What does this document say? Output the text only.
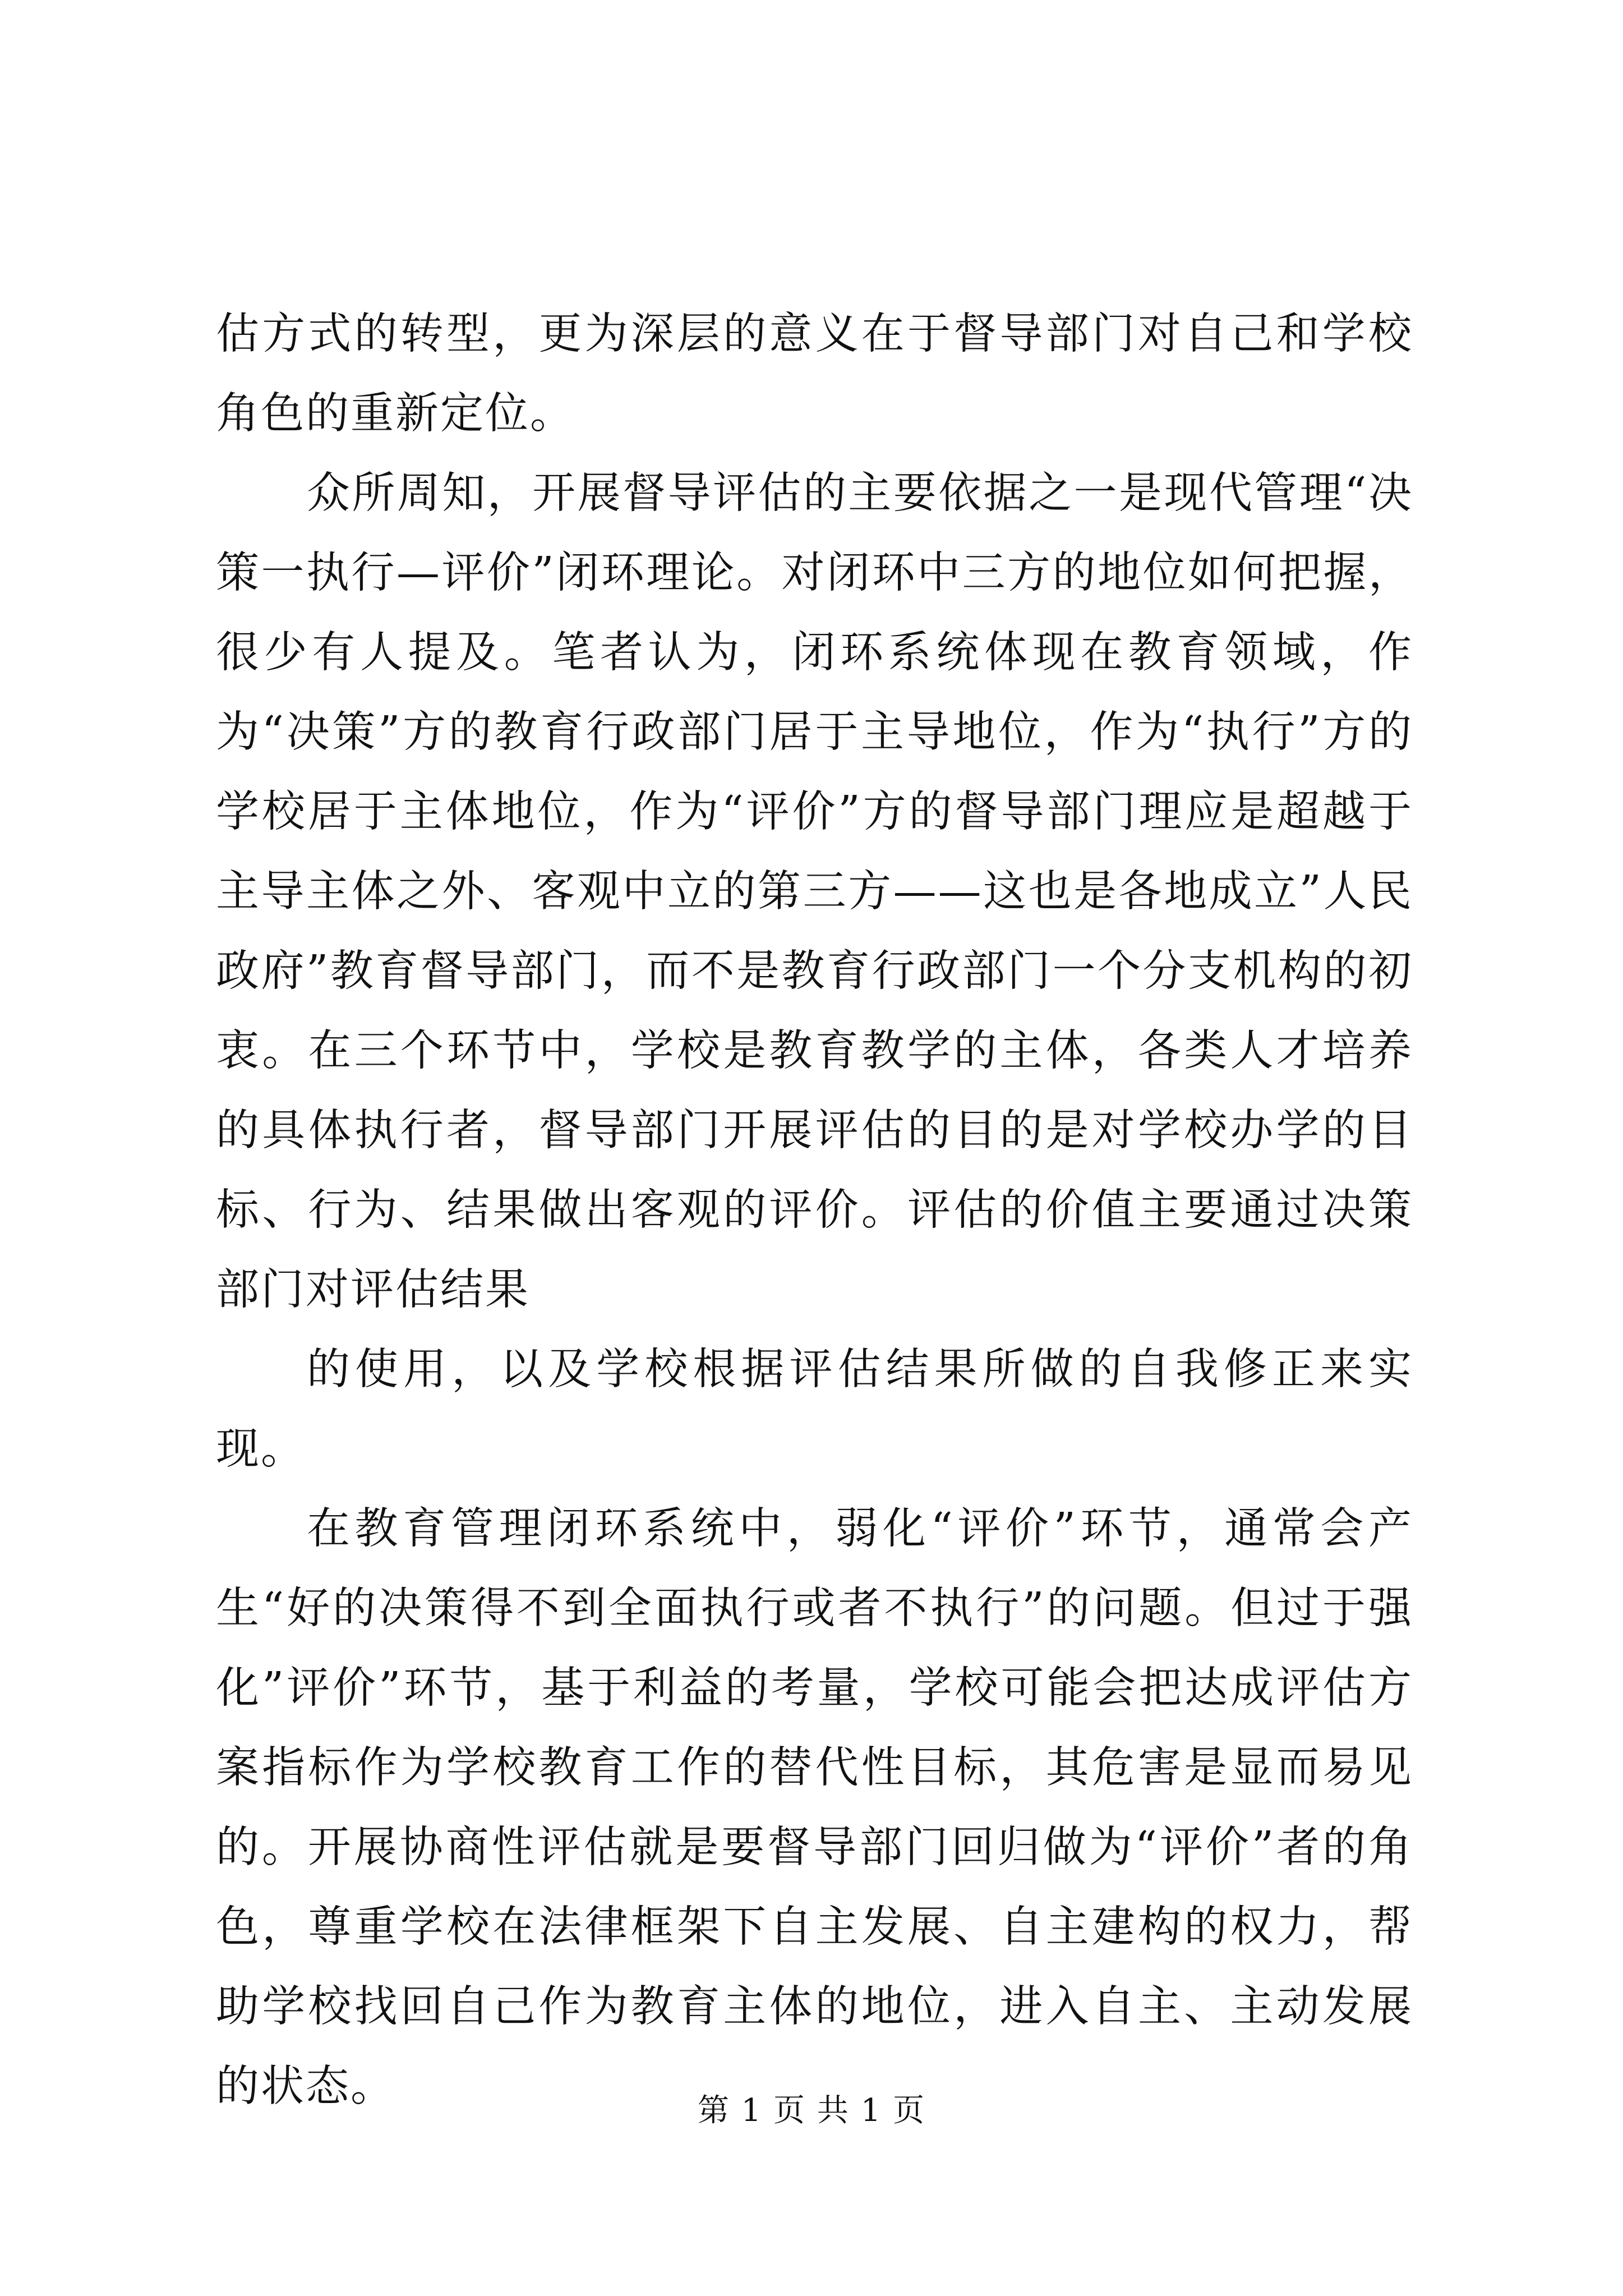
估方式的转型，更为深层的意义在于督导部门对自己和学校角色的重新定位。

众所周知，开展督导评估的主要依据之一是现代管理“决策一执行—评价”闭环理论。对闭环中三方的地位如何把握，很少有人提及。笔者认为，闭环系统体现在教育领域，作为“决策”方的教育行政部门居于主导地位，作为“执行”方的学校居于主体地位，作为“评价”方的督导部门理应是超越于主导主体之外、客观中立的第三方——这也是各地成立”人民政府”教育督导部门，而不是教育行政部门一个分支机构的初衷。在三个环节中，学校是教育教学的主体，各类人才培养的具体执行者，督导部门开展评估的目的是对学校办学的目标、行为、结果做出客观的评价。评估的价值主要通过决策部门对评估结果

的使用，以及学校根据评估结果所做的自我修正来实现。

在教育管理闭环系统中，弱化“评价”环节，通常会产生“好的决策得不到全面执行或者不执行”的问题。但过于强化”评价”环节，基于利益的考量，学校可能会把达成评估方案指标作为学校教育工作的替代性目标，其危害是显而易见的。开展协商性评估就是要督导部门回归做为“评价”者的角色，尊重学校在法律框架下自主发展、自主建构的权力，帮助学校找回自己作为教育主体的地位，进入自主、主动发展的状态。	第 1 页 共 1 页
